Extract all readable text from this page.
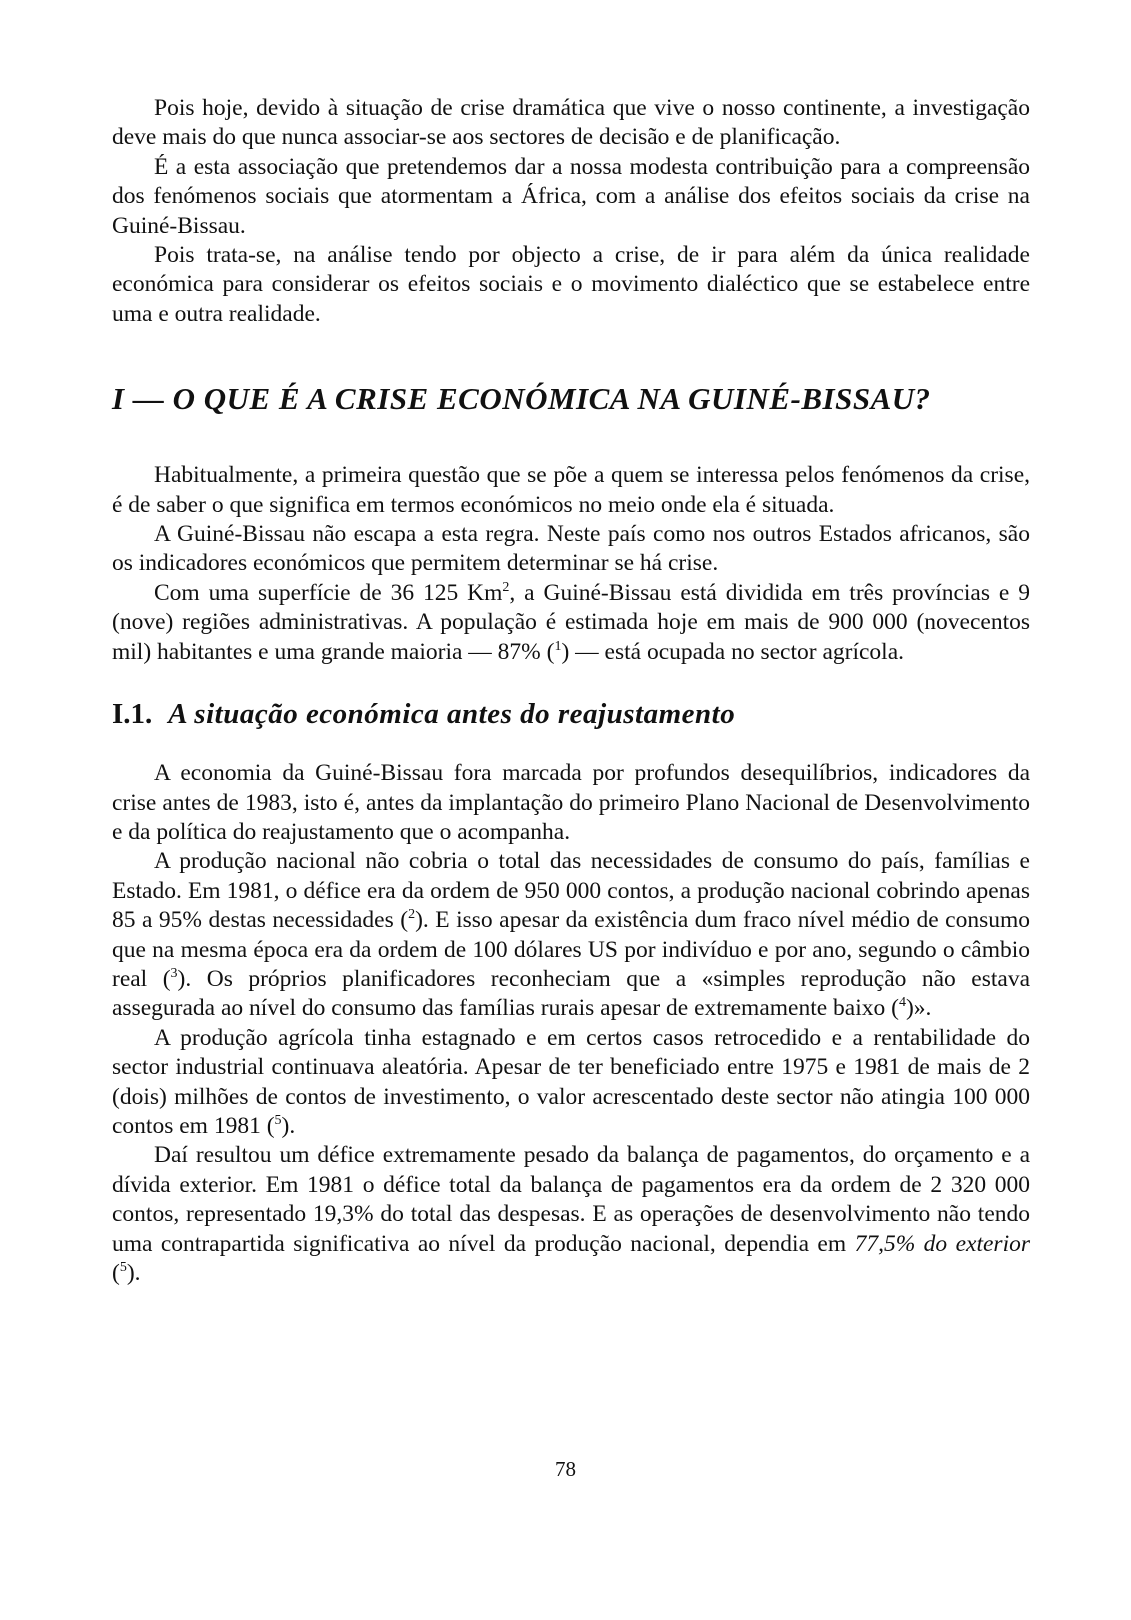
Pois hoje, devido à situação de crise dramática que vive o nosso continente, a investigação deve mais do que nunca associar-se aos sectores de decisão e de planificação.

É a esta associação que pretendemos dar a nossa modesta contribuição para a compreensão dos fenómenos sociais que atormentam a África, com a análise dos efeitos sociais da crise na Guiné-Bissau.

Pois trata-se, na análise tendo por objecto a crise, de ir para além da única realidade económica para considerar os efeitos sociais e o movimento dialéctico que se estabelece entre uma e outra realidade.

I — O QUE É A CRISE ECONÓMICA NA GUINÉ-BISSAU?

Habitualmente, a primeira questão que se põe a quem se interessa pelos fenómenos da crise, é de saber o que significa em termos económicos no meio onde ela é situada.

A Guiné-Bissau não escapa a esta regra. Neste país como nos outros Estados africanos, são os indicadores económicos que permitem determinar se há crise.

Com uma superfície de 36 125 Km$^2$, a Guiné-Bissau está dividida em três províncias e 9 (nove) regiões administrativas. A população é estimada hoje em mais de 900 000 (novecentos mil) habitantes e uma grande maioria — 87% ($^1$) — está ocupada no sector agrícola.

I.1. A situação económica antes do reajustamento

A economia da Guiné-Bissau fora marcada por profundos desequilíbrios, indicadores da crise antes de 1983, isto é, antes da implantação do primeiro Plano Nacional de Desenvolvimento e da política do reajustamento que o acompanha.

A produção nacional não cobria o total das necessidades de consumo do país, famílias e Estado. Em 1981, o défice era da ordem de 950 000 contos, a produção nacional cobrindo apenas 85 a 95% destas necessidades ($^2$). E isso apesar da existência dum fraco nível médio de consumo que na mesma época era da ordem de 100 dólares US por indivíduo e por ano, segundo o câmbio real ($^3$). Os próprios planificadores reconheciam que a «simples reprodução não estava assegurada ao nível do consumo das famílias rurais apesar de extremamente baixo ($^4$)».

A produção agrícola tinha estagnado e em certos casos retrocedido e a rentabilidade do sector industrial continuava aleatória. Apesar de ter beneficiado entre 1975 e 1981 de mais de 2 (dois) milhões de contos de investimento, o valor acrescentado deste sector não atingia 100 000 contos em 1981 ($^5$).

Daí resultou um défice extremamente pesado da balança de pagamentos, do orçamento e a dívida exterior. Em 1981 o défice total da balança de pagamentos era da ordem de 2 320 000 contos, representado 19,3% do total das despesas. E as operações de desenvolvimento não tendo uma contrapartida significativa ao nível da produção nacional, dependia em 77,5% do exterior ($^5$).

78
